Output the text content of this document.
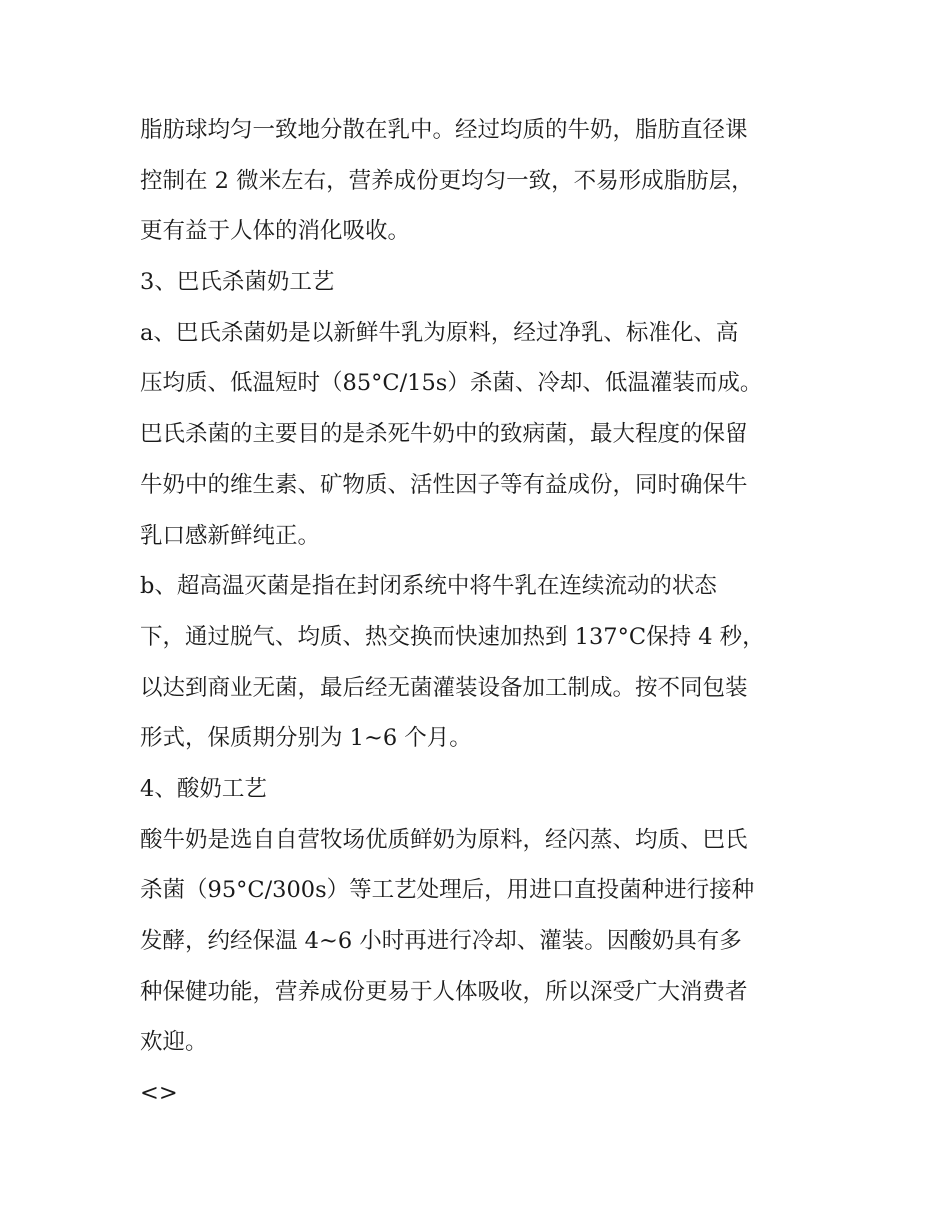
脂肪球均匀一致地分散在乳中。经过均质的牛奶，脂肪直径课
控制在 2 微米左右，营养成份更均匀一致，不易形成脂肪层，
更有益于人体的消化吸收。
3、巴氏杀菌奶工艺
a、巴氏杀菌奶是以新鲜牛乳为原料，经过净乳、标准化、高
压均质、低温短时（85°C/15s）杀菌、冷却、低温灌装而成。
巴氏杀菌的主要目的是杀死牛奶中的致病菌，最大程度的保留
牛奶中的维生素、矿物质、活性因子等有益成份，同时确保牛
乳口感新鲜纯正。
b、超高温灭菌是指在封闭系统中将牛乳在连续流动的状态
下，通过脱气、均质、热交换而快速加热到 137°C保持 4 秒，
以达到商业无菌，最后经无菌灌装设备加工制成。按不同包装
形式，保质期分别为 1~6 个月。
4、酸奶工艺
酸牛奶是选自自营牧场优质鲜奶为原料，经闪蒸、均质、巴氏
杀菌（95°C/300s）等工艺处理后，用进口直投菌种进行接种
发酵，约经保温 4~6 小时再进行冷却、灌装。因酸奶具有多
种保健功能，营养成份更易于人体吸收，所以深受广大消费者
欢迎。
<>
